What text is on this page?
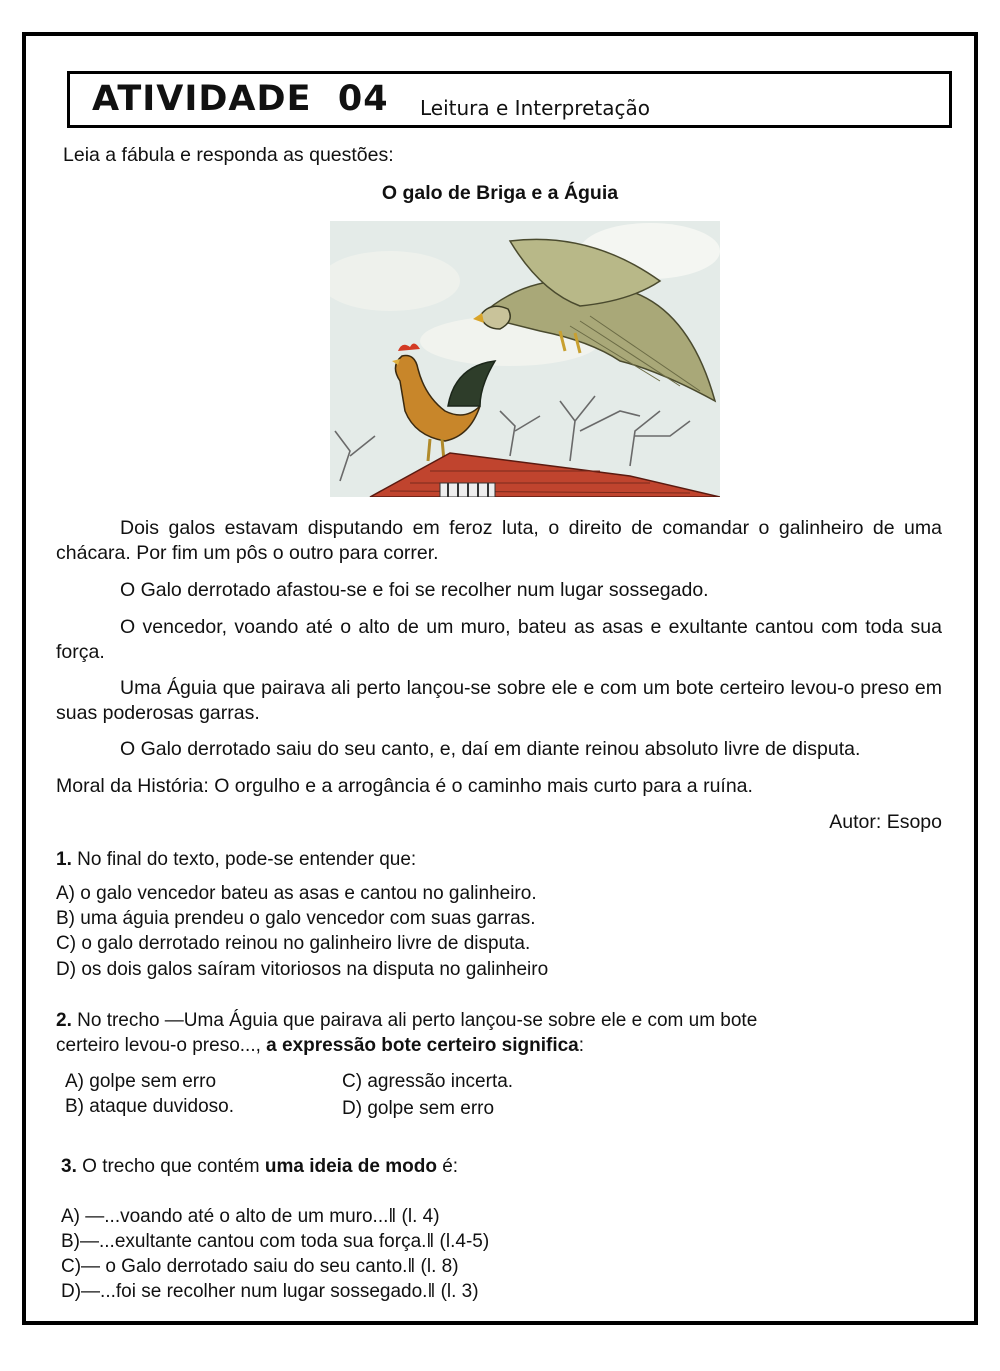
ATIVIDADE  04 Leitura e Interpretação
Leia a fábula e responda as questões:
O galo de Briga e a Águia
Dois galos estavam disputando em feroz luta, o direito de comandar o galinheiro de uma chácara. Por fim um pôs o outro para correr.
O Galo derrotado afastou-se e foi se recolher num lugar sossegado.
O vencedor, voando até o alto de um muro, bateu as asas e exultante cantou com toda sua força.
Uma Águia que pairava ali perto lançou-se sobre ele e com um bote certeiro levou-o preso em suas poderosas garras.
O Galo derrotado saiu do seu canto, e, daí em diante reinou absoluto livre de disputa.
Moral da História: O orgulho e a arrogância é o caminho mais curto para a ruína.
Autor: Esopo
1. No final do texto, pode-se entender que:
A) o galo vencedor bateu as asas e cantou no galinheiro.
B) uma águia prendeu o galo vencedor com suas garras.
C) o galo derrotado reinou no galinheiro livre de disputa.
D) os dois galos saíram vitoriosos na disputa no galinheiro
2. No trecho ―Uma Águia que pairava ali perto lançou-se sobre ele e com um bote
certeiro levou-o preso..., a expressão bote certeiro significa:
A) golpe sem erro
B) ataque duvidoso.
C) agressão incerta.
D) golpe sem erro
3. O trecho que contém uma ideia de modo é:
A) ―...voando até o alto de um muro...‖ (l. 4)
B)―...exultante cantou com toda sua força.‖ (l.4-5)
C)― o Galo derrotado saiu do seu canto.‖ (l. 8)
D)―...foi se recolher num lugar sossegado.‖ (l. 3)
